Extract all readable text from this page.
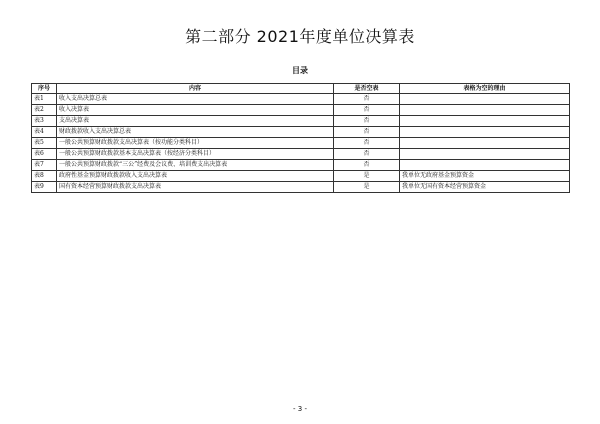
第二部分 2021年度单位决算表
目录
序号	内容	是否空表	表格为空的理由
表1	收入支出决算总表	否	
表2	收入决算表	否	
表3	支出决算表	否	
表4	财政拨款收入支出决算总表	否	
表5	一般公共预算财政拨款支出决算表（按功能分类科目）	否	
表6	一般公共预算财政拨款基本支出决算表（按经济分类科目）	否	
表7	一般公共预算财政拨款“三公”经费及会议费、培训费支出决算表	否	
表8	政府性基金预算财政拨款收入支出决算表	是	我单位无政府基金预算资金
表9	国有资本经营预算财政拨款支出决算表	是	我单位无国有资本经营预算资金
- 3 -
